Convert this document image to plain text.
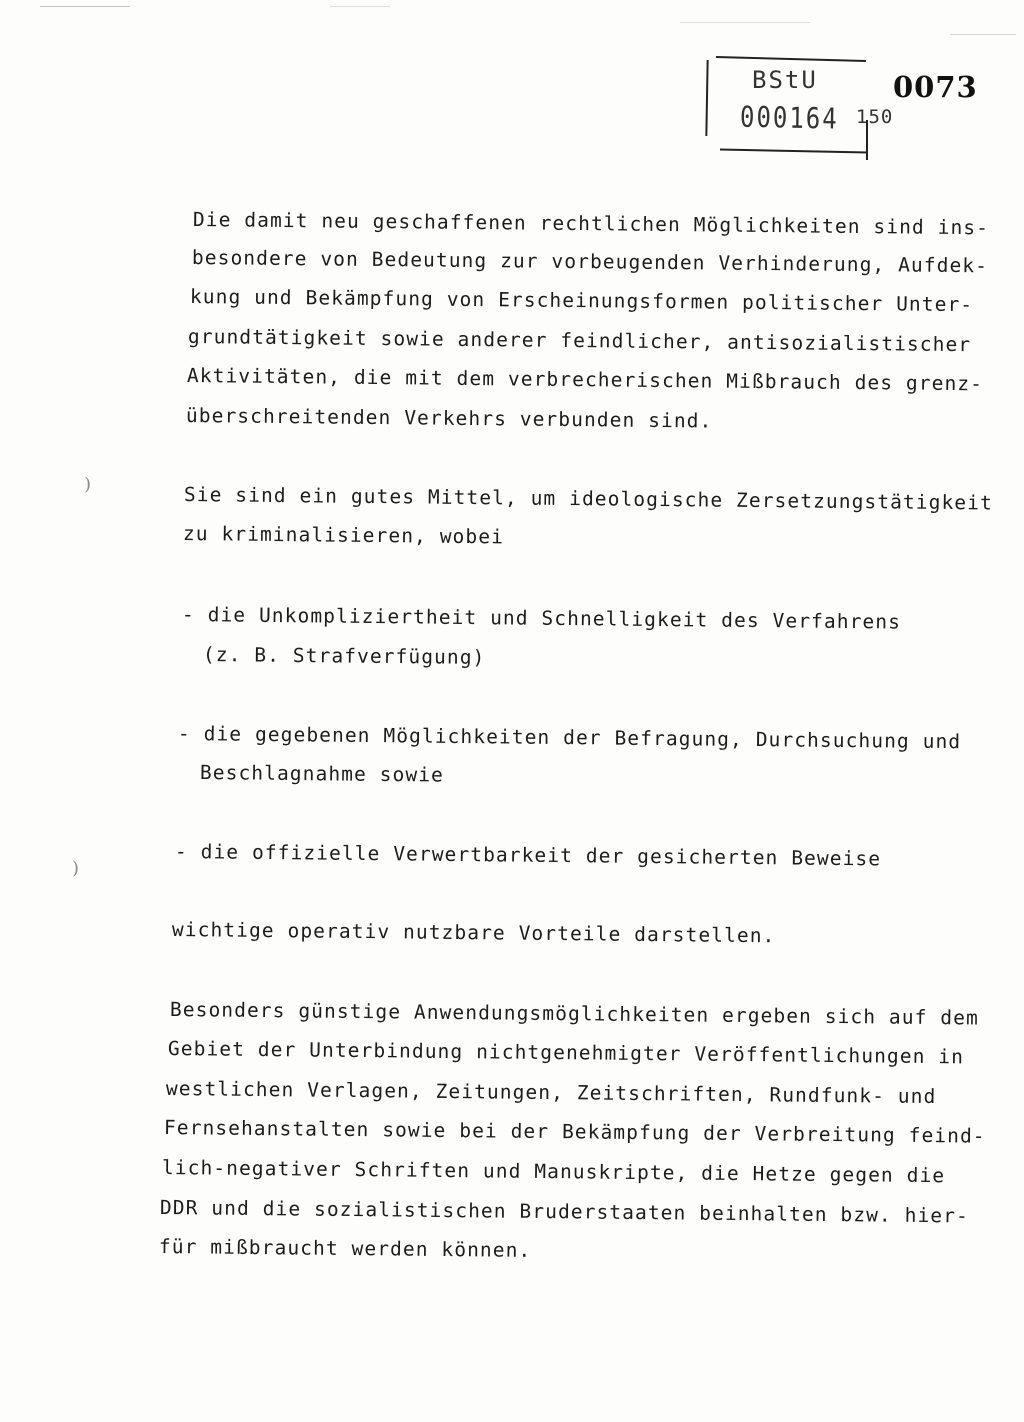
BStU
000164 150
0073
Die damit neu geschaffenen rechtlichen Möglichkeiten sind ins-
besondere von Bedeutung zur vorbeugenden Verhinderung, Aufdek-
kung und Bekämpfung von Erscheinungsformen politischer Unter-
grundtätigkeit sowie anderer feindlicher, antisozialistischer
Aktivitäten, die mit dem verbrecherischen Mißbrauch des grenz-
überschreitenden Verkehrs verbunden sind.
Sie sind ein gutes Mittel, um ideologische Zersetzungstätigkeit
zu kriminalisieren, wobei
- die Unkompliziertheit und Schnelligkeit des Verfahrens
(z. B. Strafverfügung)
- die gegebenen Möglichkeiten der Befragung, Durchsuchung und
Beschlagnahme sowie
- die offizielle Verwertbarkeit der gesicherten Beweise
wichtige operativ nutzbare Vorteile darstellen.
Besonders günstige Anwendungsmöglichkeiten ergeben sich auf dem
Gebiet der Unterbindung nichtgenehmigter Veröffentlichungen in
westlichen Verlagen, Zeitungen, Zeitschriften, Rundfunk- und
Fernsehanstalten sowie bei der Bekämpfung der Verbreitung feind-
lich-negativer Schriften und Manuskripte, die Hetze gegen die
DDR und die sozialistischen Bruderstaaten beinhalten bzw. hier-
für mißbraucht werden können.
)
)
